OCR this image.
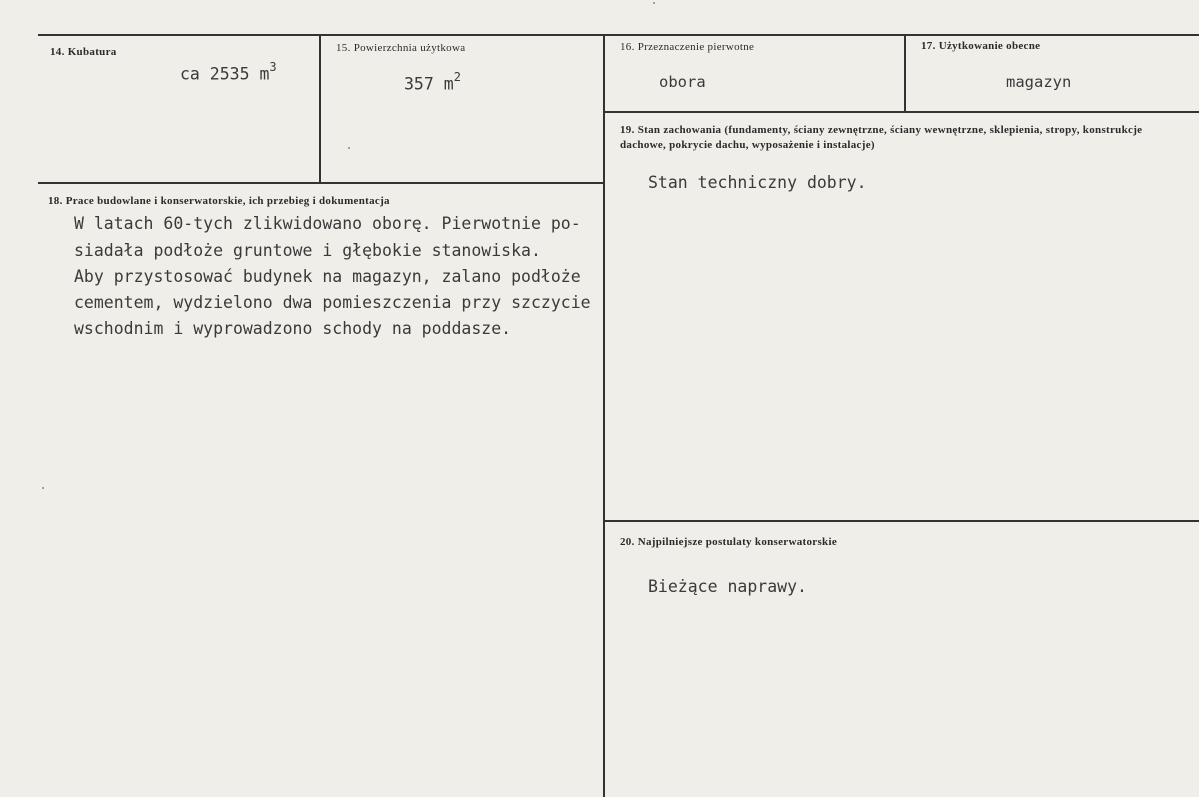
14. Kubatura
ca 2535 $m^3$
15. Powierzchnia użytkowa
357 $m^2$
16. Przeznaczenie pierwotne
obora
17. Użytkowanie obecne
magazyn
19. Stan zachowania (fundamenty, ściany zewnętrzne, ściany wewnętrzne, sklepienia, stropy, konstrukcje dachowe, pokrycie dachu, wyposażenie i instalacje)
Stan techniczny dobry.
18. Prace budowlane i konserwatorskie, ich przebieg i dokumentacja
W latach 60-tych zlikwidowano oborę. Pierwotnie po-
siadała podłoże gruntowe i głębokie stanowiska.
Aby przystosować budynek na magazyn, zalano podłoże
cementem, wydzielono dwa pomieszczenia przy szczycie
wschodnim i wyprowadzono schody na poddasze.
20. Najpilniejsze postulaty konserwatorskie
Bieżące naprawy.
